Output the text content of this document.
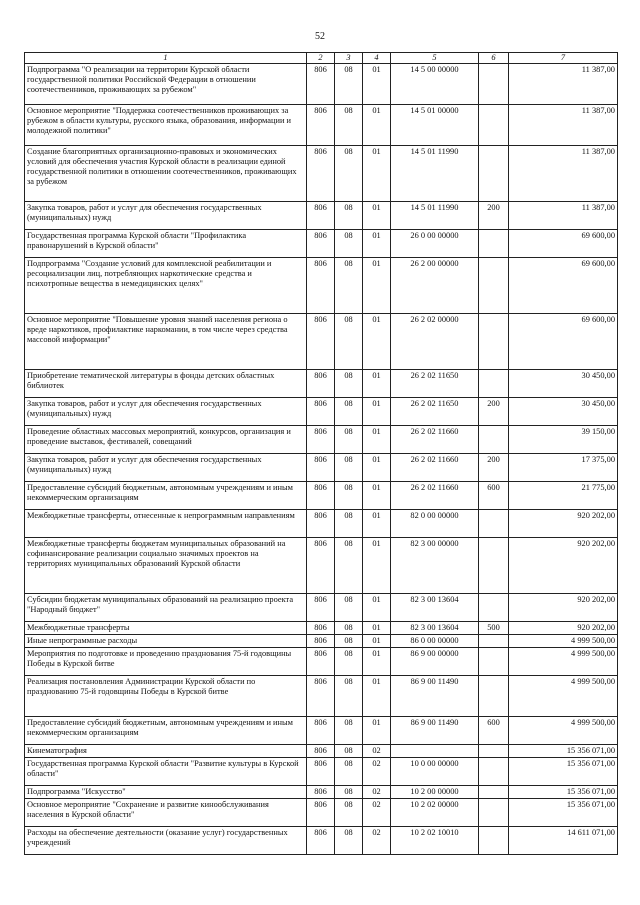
52
1	2	3	4	5	6	7
Подпрограмма "О реализации на территории Курской области государственной политики Российской Федерации в отношении соотечественников, проживающих за рубежом"	806	08	01	14 5 00 00000		11 387,00
Основное мероприятие "Поддержка соотечественников проживающих за рубежом в области культуры, русского языка, образования, информации и молодежной политики"	806	08	01	14 5 01 00000		11 387,00
Создание благоприятных организационно-правовых и экономических условий для обеспечения участия Курской области в реализации единой государственной политики в отношении соотечественников, проживающих за рубежом	806	08	01	14 5 01 11990		11 387,00
Закупка товаров, работ и услуг для обеспечения государственных (муниципальных) нужд	806	08	01	14 5 01 11990	200	11 387,00
Государственная программа Курской области "Профилактика правонарушений в Курской области"	806	08	01	26 0 00 00000		69 600,00
Подпрограмма "Создание условий для комплексной реабилитации и ресоциализации лиц, потребляющих наркотические средства и психотропные вещества в немедицинских целях"	806	08	01	26 2 00 00000		69 600,00
Основное мероприятие "Повышение уровня знаний населения региона о вреде наркотиков, профилактике наркомании, в том числе через средства массовой информации"	806	08	01	26 2 02 00000		69 600,00
Приобретение тематической литературы в фонды детских областных библиотек	806	08	01	26 2 02 11650		30 450,00
Закупка товаров, работ и услуг для обеспечения государственных (муниципальных) нужд	806	08	01	26 2 02 11650	200	30 450,00
Проведение областных массовых мероприятий, конкурсов, организация и проведение выставок, фестивалей, совещаний	806	08	01	26 2 02 11660		39 150,00
Закупка товаров, работ и услуг для обеспечения государственных (муниципальных) нужд	806	08	01	26 2 02 11660	200	17 375,00
Предоставление субсидий бюджетным, автономным учреждениям и иным некоммерческим организациям	806	08	01	26 2 02 11660	600	21 775,00
Межбюджетные трансферты, отнесенные к непрограммным направлениям	806	08	01	82 0 00 00000		920 202,00
Межбюджетные трансферты бюджетам муниципальных образований на софинансирование реализации социально значимых проектов на территориях муниципальных образований Курской области	806	08	01	82 3 00 00000		920 202,00
Субсидии бюджетам муниципальных образований на реализацию проекта "Народный бюджет"	806	08	01	82 3 00 13604		920 202,00
Межбюджетные трансферты	806	08	01	82 3 00 13604	500	920 202,00
Иные непрограммные расходы	806	08	01	86 0 00 00000		4 999 500,00
Мероприятия по подготовке и проведению празднования 75-й годовщины Победы в Курской битве	806	08	01	86 9 00 00000		4 999 500,00
Реализация постановления Администрации Курской области по празднованию 75-й годовщины Победы в Курской битве	806	08	01	86 9 00 11490		4 999 500,00
Предоставление субсидий бюджетным, автономным учреждениям и иным некоммерческим организациям	806	08	01	86 9 00 11490	600	4 999 500,00
Кинематография	806	08	02			15 356 071,00
Государственная программа Курской области "Развитие культуры в Курской области"	806	08	02	10 0 00 00000		15 356 071,00
Подпрограмма "Искусство"	806	08	02	10 2 00 00000		15 356 071,00
Основное мероприятие "Сохранение и развитие кинообслуживания населения в Курской области"	806	08	02	10 2 02 00000		15 356 071,00
Расходы на обеспечение деятельности (оказание услуг) государственных учреждений	806	08	02	10 2 02 10010		14 611 071,00
